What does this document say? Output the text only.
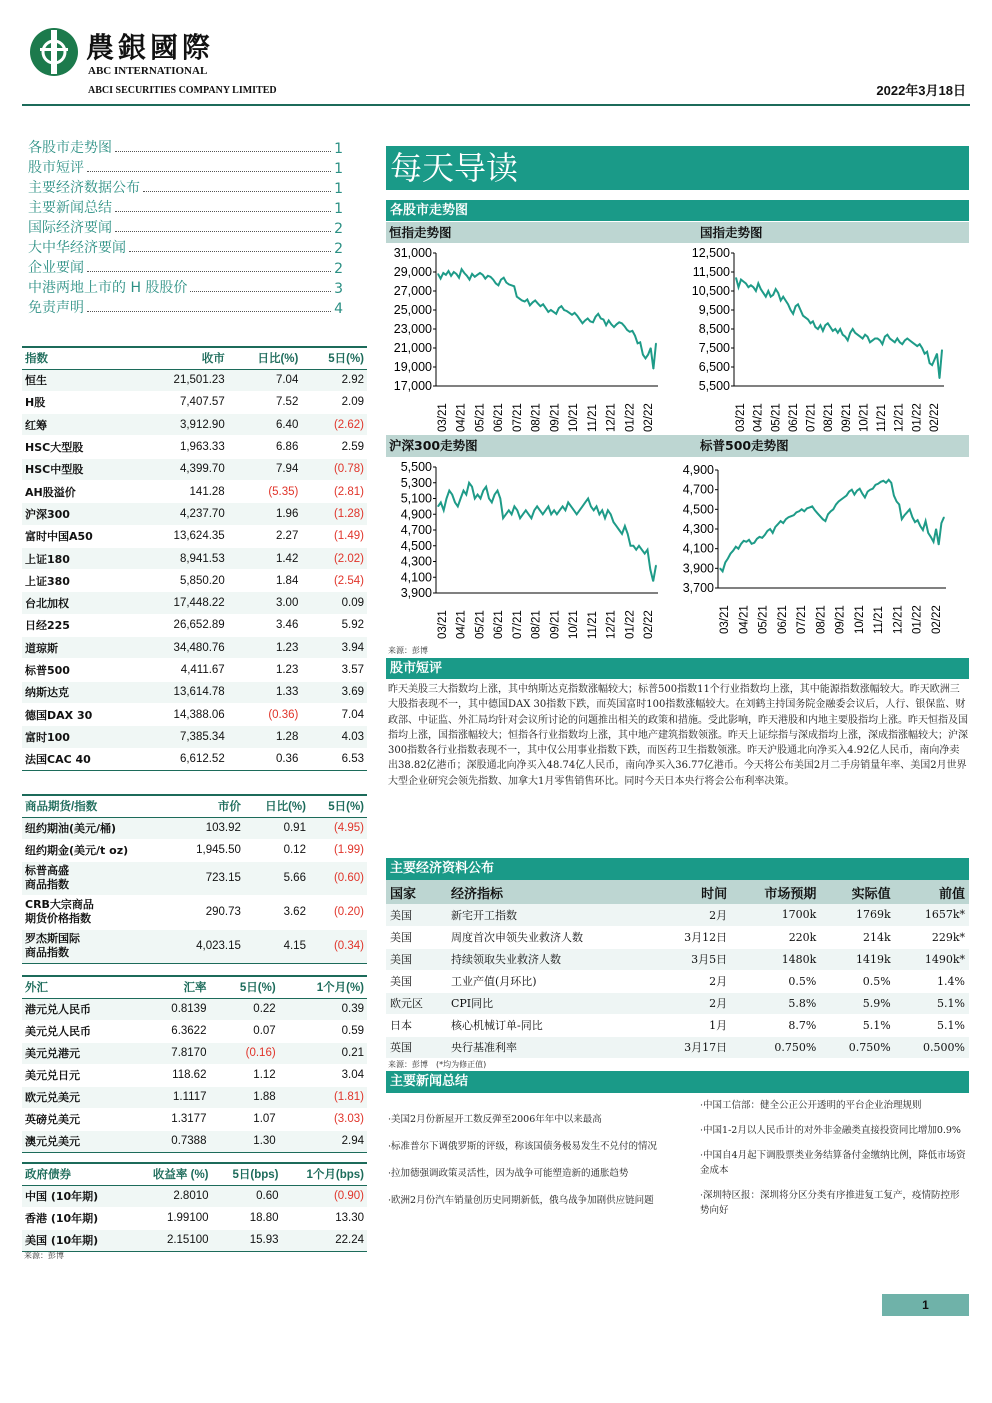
農銀國際
ABC INTERNATIONAL
ABCI SECURITIES COMPANY LIMITED	2022年3月18日
各股市走势图	1
股市短评	1
主要经济数据公布	1
主要新闻总结	1
国际经济要闻	2
大中华经济要闻	2
企业要闻	2
中港两地上市的 H 股股价	3
免责声明	4
指数	收市	日比(%)	5日(%)
恒生	21,501.23	7.04	2.92
H股	7,407.57	7.52	2.09
红筹	3,912.90	6.40	(2.62)
HSC大型股	1,963.33	6.86	2.59
HSC中型股	4,399.70	7.94	(0.78)
AH股溢价	141.28	(5.35)	(2.81)
沪深300	4,237.70	1.96	(1.28)
富时中国A50	13,624.35	2.27	(1.49)
上证180	8,941.53	1.42	(2.02)
上证380	5,850.20	1.84	(2.54)
台北加权	17,448.22	3.00	0.09
日经225	26,652.89	3.46	5.92
道琼斯	34,480.76	1.23	3.94
标普500	4,411.67	1.23	3.57
纳斯达克	13,614.78	1.33	3.69
德国DAX 30	14,388.06	(0.36)	7.04
富时100	7,385.34	1.28	4.03
法国CAC 40	6,612.52	0.36	6.53
商品期货/指数	市价	日比(%)	5日(%)
纽约期油(美元/桶)	103.92	0.91	(4.95)
纽约期金(美元/t oz)	1,945.50	0.12	(1.99)
标普高盛
商品指数	723.15	5.66	(0.60)
CRB大宗商品
期货价格指数	290.73	3.62	(0.20)
罗杰斯国际
商品指数	4,023.15	4.15	(0.34)
外汇	汇率	5日(%)	1个月(%)
港元兑人民币	0.8139	0.22	0.39
美元兑人民币	6.3622	0.07	0.59
美元兑港元	7.8170	(0.16)	0.21
美元兑日元	118.62	1.12	3.04
欧元兑美元	1.1117	1.88	(1.81)
英磅兑美元	1.3177	1.07	(3.03)
澳元兑美元	0.7388	1.30	2.94
政府债券	收益率 (%)	5日(bps)	1个月(bps)
中国 (10年期)	2.8010	0.60	(0.90)
香港 (10年期)	1.99100	18.80	13.30
美国 (10年期)	2.15100	15.93	22.24
来源：彭博
每天导读
各股市走势图
恒指走势图	国指走势图
31,000
29,000
27,000
25,000
23,000
21,000
19,000
17,000
03/21 04/21 05/21 06/21 07/21 08/21 09/21 10/21 11/21 12/21 01/22 02/22
12,500
11,500
10,500
9,500
8,500
7,500
6,500
5,500
03/21 04/21 05/21 06/21 07/21 08/21 09/21 10/21 11/21 12/21 01/22 02/22
沪深300走势图	标普500走势图
5,500
5,300
5,100
4,900
4,700
4,500
4,300
4,100
3,900
03/21 04/21 05/21 06/21 07/21 08/21 09/21 10/21 11/21 12/21 01/22 02/22
4,900
4,700
4,500
4,300
4,100
3,900
3,700
03/21 04/21 05/21 06/21 07/21 08/21 09/21 10/21 11/21 12/21 01/22 02/22
来源：彭博
股市短评
昨天美股三大指数均上涨，其中纳斯达克指数涨幅较大；标普500指数11个行业指数均上涨，其中能源指数涨幅较大。昨天欧洲三大股指表现不一，其中德国DAX 30指数下跌，而英国富时100指数涨幅较大。在刘鹤主持国务院金融委会议后，人行、银保监、财政部、中证监、外汇局均针对会议所讨论的问题推出相关的政策和措施。受此影响，昨天港股和内地主要股指均上涨。昨天恒指及国指均上涨，国指涨幅较大；恒指各行业指数均上涨，其中地产建筑指数领涨。昨天上证综指与深成指均上涨，深成指涨幅较大；沪深300指数各行业指数表现不一，其中仅公用事业指数下跌，而医药卫生指数领涨。昨天沪股通北向净买入4.92亿人民币，南向净卖出38.82亿港币；深股通北向净买入48.74亿人民币，南向净买入36.77亿港币。今天将公布美国2月二手房销量年率、美国2月世界大型企业研究会领先指数、加拿大1月零售销售环比。同时今天日本央行将会公布利率决策。
主要经济资料公布
国家	经济指标	时间	市场预期	实际值	前值
美国	新宅开工指数	2月	1700k	1769k	1657k*
美国	周度首次申领失业救济人数	3月12日	220k	214k	229k*
美国	持续领取失业救济人数	3月5日	1480k	1419k	1490k*
美国	工业产值(月环比)	2月	0.5%	0.5%	1.4%
欧元区	CPI同比	2月	5.8%	5.9%	5.1%
日本	核心机械订单-同比	1月	8.7%	5.1%	5.1%
英国	央行基准利率	3月17日	0.750%	0.750%	0.500%
来源：彭博　(*均为修正值)
主要新闻总结
·美国2月份新屋开工数反弹至2006年年中以来最高
·标准普尔下调俄罗斯的评级，称该国债务极易发生不兑付的情况
·拉加德强调政策灵活性，因为战争可能塑造新的通胀趋势
·欧洲2月份汽车销量创历史同期新低，俄乌战争加剧供应链问题
·中国工信部：健全公正公开透明的平台企业治理规则
·中国1-2月以人民币计的对外非金融类直接投资同比增加0.9%
·中国自4月起下调股票类业务结算备付金缴纳比例，降低市场资金成本
·深圳特区报：深圳将分区分类有序推进复工复产，疫情防控形势向好
1
